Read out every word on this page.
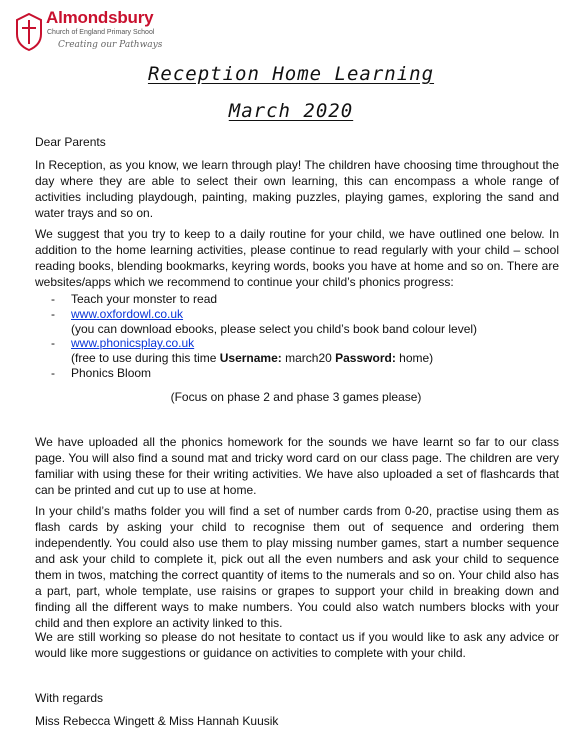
Almondsbury
Church of England Primary School
Creating our Pathways
Reception Home Learning
March 2020
Dear Parents
In Reception, as you know, we learn through play! The children have choosing time throughout the day where they are able to select their own learning, this can encompass a whole range of activities including playdough, painting, making puzzles, playing games, exploring the sand and water trays and so on.
We suggest that you try to keep to a daily routine for your child, we have outlined one below. In addition to the home learning activities, please continue to read regularly with your child – school reading books, blending bookmarks, keyring words, books you have at home and so on. There are websites/apps which we recommend to continue your child’s phonics progress:
- Teach your monster to read
- www.oxfordowl.co.uk
(you can download ebooks, please select you child’s book band colour level)
- www.phonicsplay.co.uk
(free to use during this time Username: march20 Password: home)
- Phonics Bloom
(Focus on phase 2 and phase 3 games please)
We have uploaded all the phonics homework for the sounds we have learnt so far to our class page. You will also find a sound mat and tricky word card on our class page. The children are very familiar with using these for their writing activities. We have also uploaded a set of flashcards that can be printed and cut up to use at home.
In your child’s maths folder you will find a set of number cards from 0-20, practise using them as flash cards by asking your child to recognise them out of sequence and ordering them independently. You could also use them to play missing number games, start a number sequence and ask your child to complete it, pick out all the even numbers and ask your child to sequence them in twos, matching the correct quantity of items to the numerals and so on. Your child also has a part, part, whole template, use raisins or grapes to support your child in breaking down and finding all the different ways to make numbers. You could also watch numbers blocks with your child and then explore an activity linked to this.
We are still working so please do not hesitate to contact us if you would like to ask any advice or would like more suggestions or guidance on activities to complete with your child.
With regards
Miss Rebecca Wingett & Miss Hannah Kuusik
